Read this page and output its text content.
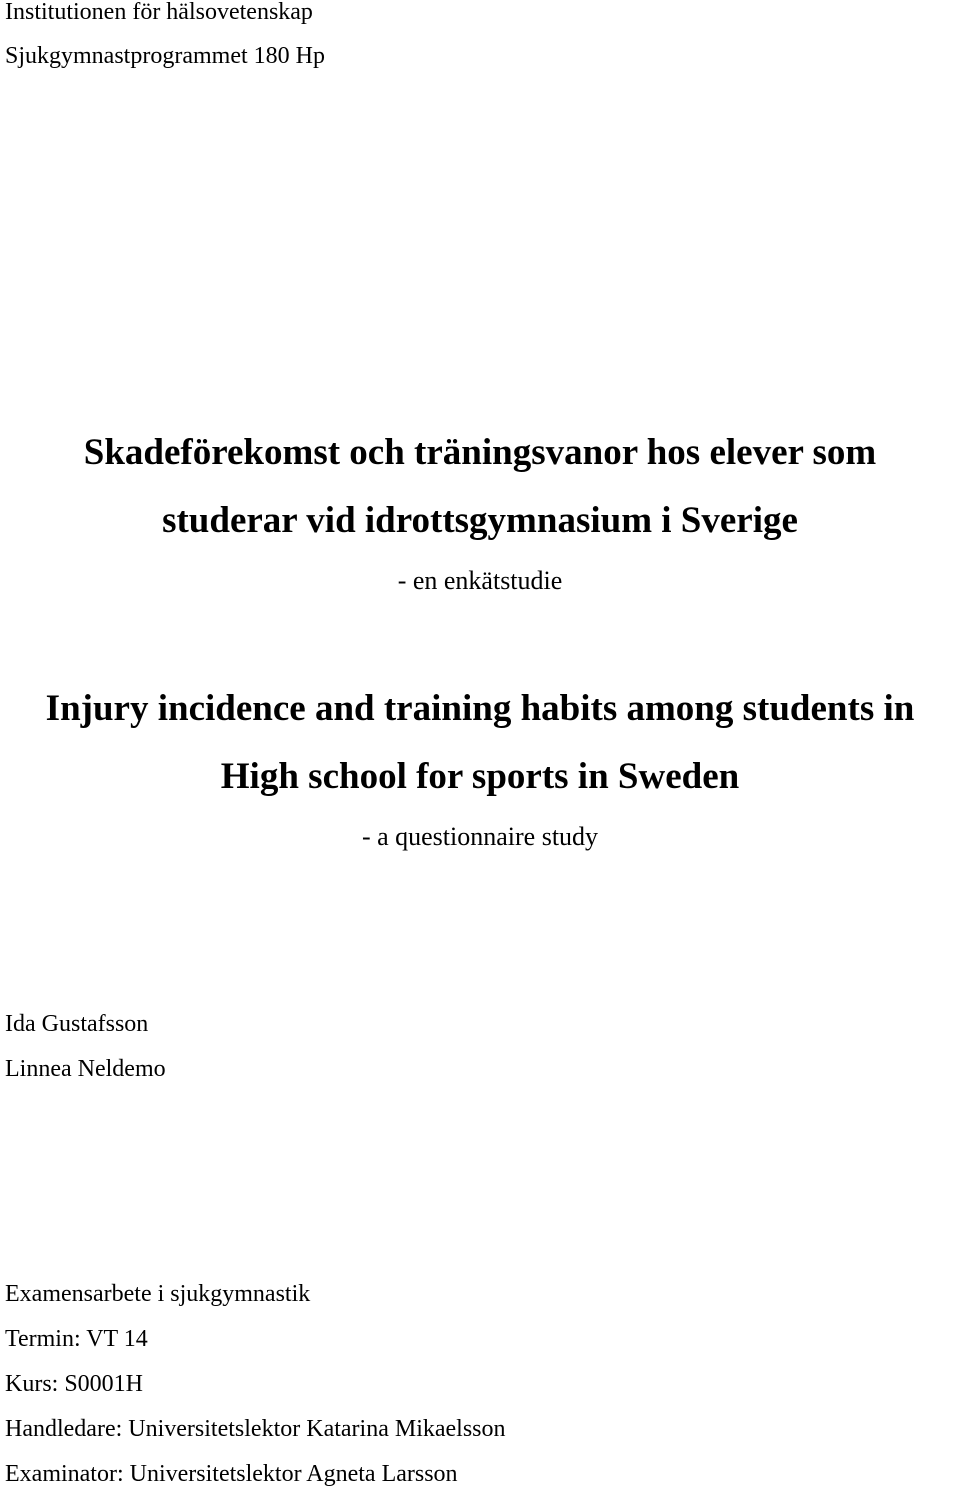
Institutionen för hälsovetenskap

Sjukgymnastprogrammet 180 Hp

Skadeförekomst och träningsvanor hos elever som

studerar vid idrottsgymnasium i Sverige

- en enkätstudie

Injury incidence and training habits among students in

High school for sports in Sweden

- a questionnaire study

Ida Gustafsson

Linnea Neldemo

Examensarbete i sjukgymnastik

Termin: VT 14

Kurs: S0001H

Handledare: Universitetslektor Katarina Mikaelsson

Examinator: Universitetslektor Agneta Larsson
